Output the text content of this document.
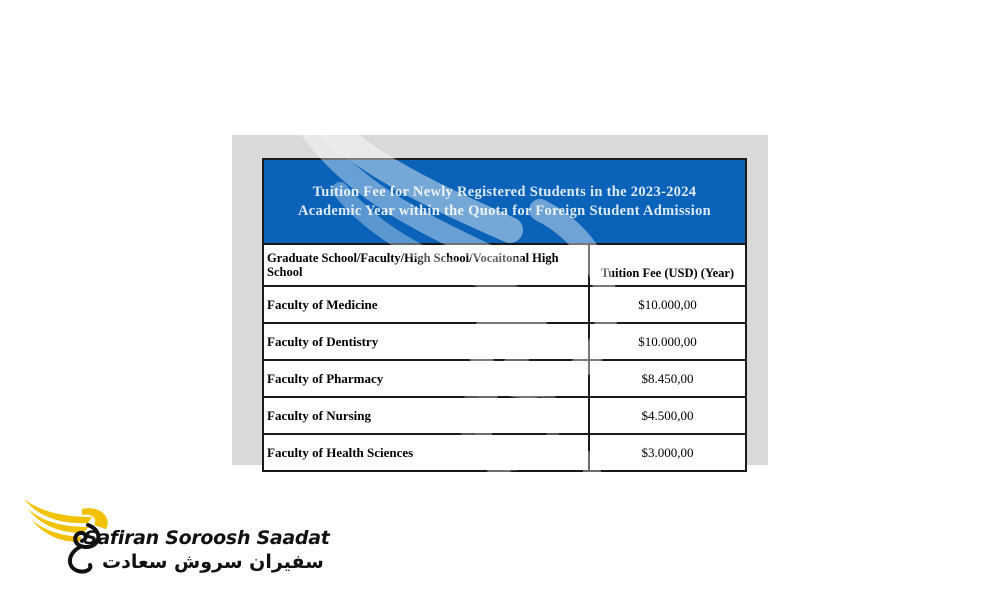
Tuition Fee for Newly Registered Students in the 2023-2024
Academic Year within the Quota for Foreign Student Admission	

Graduate School/Faculty/High School/Vocaitonal High School	Tuition Fee (USD) (Year)
Faculty of Medicine	$10.000,00
Faculty of Dentistry	$10.000,00
Faculty of Pharmacy	$8.450,00
Faculty of Nursing	$4.500,00
Faculty of Health Sciences	$3.000,00
Safiran Soroosh Saadat
سفیران سروش سعادت
